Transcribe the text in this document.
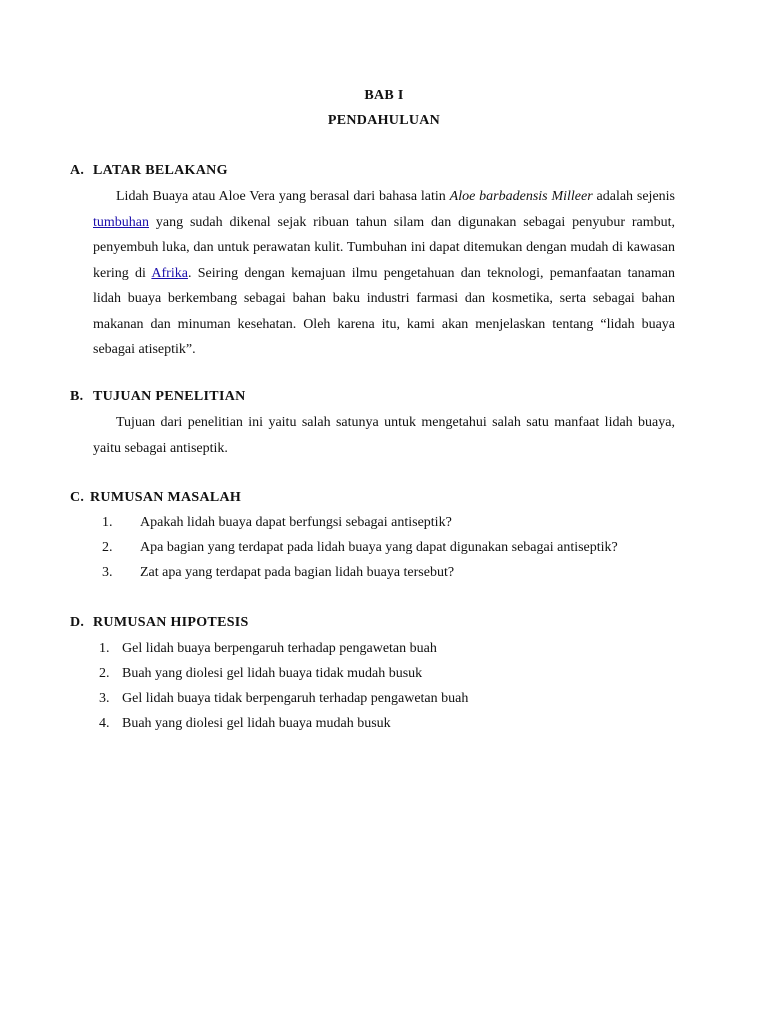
BAB I
PENDAHULUAN
A. LATAR BELAKANG

Lidah Buaya atau Aloe Vera yang berasal dari bahasa latin Aloe barbadensis Milleer adalah sejenis tumbuhan yang sudah dikenal sejak ribuan tahun silam dan digunakan sebagai penyubur rambut, penyembuh luka, dan untuk perawatan kulit. Tumbuhan ini dapat ditemukan dengan mudah di kawasan kering di Afrika. Seiring dengan kemajuan ilmu pengetahuan dan teknologi, pemanfaatan tanaman lidah buaya berkembang sebagai bahan baku industri farmasi dan kosmetika, serta sebagai bahan makanan dan minuman kesehatan. Oleh karena itu, kami akan menjelaskan tentang “lidah buaya sebagai atiseptik”.

B. TUJUAN PENELITIAN

Tujuan dari penelitian ini yaitu salah satunya untuk mengetahui salah satu manfaat lidah buaya, yaitu sebagai antiseptik.

C. RUMUSAN MASALAH
1. Apakah lidah buaya dapat berfungsi sebagai antiseptik?
2. Apa bagian yang terdapat pada lidah buaya yang dapat digunakan sebagai antiseptik?
3. Zat apa yang terdapat pada bagian lidah buaya tersebut?
D. RUMUSAN HIPOTESIS
1. Gel lidah buaya berpengaruh terhadap pengawetan buah
2. Buah yang diolesi gel lidah buaya tidak mudah busuk
3. Gel lidah buaya tidak berpengaruh terhadap pengawetan buah
4. Buah yang diolesi gel lidah buaya mudah busuk
